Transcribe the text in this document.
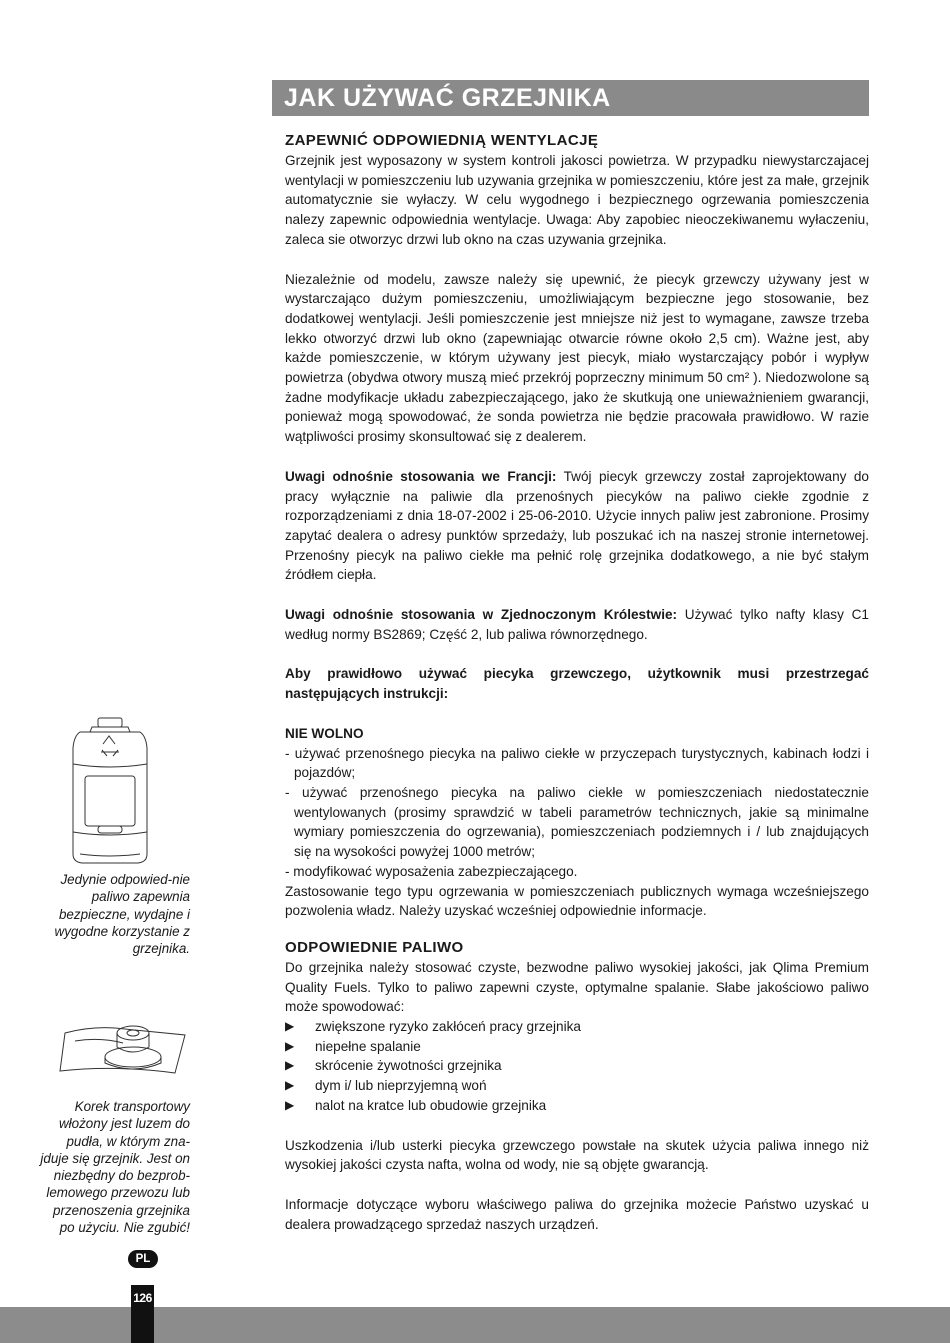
JAK UŻYWAĆ GRZEJNIKA

ZAPEWNIĆ ODPOWIEDNIĄ WENTYLACJĘ

Grzejnik jest wyposazony w system kontroli jakosci powietrza. W przypadku niewystarczajacej wentylacji w pomieszczeniu lub uzywania grzejnika w pomieszczeniu, które jest za małe, grzejnik automatycznie sie wyłaczy. W celu wygodnego i bezpiecznego ogrzewania pomieszczenia nalezy zapewnic odpowiednia wentylacje. Uwaga: Aby zapobiec nieoczekiwanemu wyłaczeniu, zaleca sie otworzyc drzwi lub okno na czas uzywania grzejnika.

Niezależnie od modelu, zawsze należy się upewnić, że piecyk grzewczy używany jest w wystarczająco dużym pomieszczeniu, umożliwiającym bezpieczne jego stosowanie, bez dodatkowej wentylacji. Jeśli pomieszczenie jest mniejsze niż jest to wymagane, zawsze trzeba lekko otworzyć drzwi lub okno (zapewniając otwarcie równe około 2,5 cm). Ważne jest, aby każde pomieszczenie, w którym używany jest piecyk, miało wystarczający pobór i wypływ powietrza (obydwa otwory muszą mieć przekrój poprzeczny minimum 50 cm² ). Niedozwolone są żadne modyfikacje układu zabezpieczającego, jako że skutkują one unieważnieniem gwarancji, ponieważ mogą spowodować, że sonda powietrza nie będzie pracowała prawidłowo. W razie wątpliwości prosimy skonsultować się z dealerem.

Uwagi odnośnie stosowania we Francji: Twój piecyk grzewczy został zaprojektowany do pracy wyłącznie na paliwie dla przenośnych piecyków na paliwo ciekłe zgodnie z rozporządzeniami z dnia 18-07-2002 i 25-06-2010. Użycie innych paliw jest zabronione. Prosimy zapytać dealera o adresy punktów sprzedaży, lub poszukać ich na naszej stronie internetowej. Przenośny piecyk na paliwo ciekłe ma pełnić rolę grzejnika dodatkowego, a nie być stałym źródłem ciepła.

Uwagi odnośnie stosowania w Zjednoczonym Królestwie: Używać tylko nafty klasy C1 według normy BS2869; Część 2, lub paliwa równorzędnego.

Aby prawidłowo używać piecyka grzewczego, użytkownik musi przestrzegać następujących instrukcji:

NIE WOLNO

- używać przenośnego piecyka na paliwo ciekłe w przyczepach turystycznych, kabinach łodzi i pojazdów;

- używać przenośnego piecyka na paliwo ciekłe w pomieszczeniach niedostatecznie wentylowanych (prosimy sprawdzić w tabeli parametrów technicznych, jakie są minimalne wymiary pomieszczenia do ogrzewania), pomieszczeniach podziemnych i / lub znajdujących się na wysokości powyżej 1000 metrów;

- modyfikować wyposażenia zabezpieczającego.

Zastosowanie tego typu ogrzewania w pomieszczeniach publicznych wymaga wcześniejszego pozwolenia władz. Należy uzyskać wcześniej odpowiednie informacje.

ODPOWIEDNIE PALIWO

Do grzejnika należy stosować czyste, bezwodne paliwo wysokiej jakości, jak Qlima Premium Quality Fuels. Tylko to paliwo zapewni czyste, optymalne spalanie. Słabe jakościowo paliwo może spowodować:

▶	zwiększone ryzyko zakłóceń pracy grzejnika
▶	niepełne spalanie
▶	skrócenie żywotności grzejnika
▶	dym i/ lub nieprzyjemną woń
▶	nalot na kratce lub obudowie grzejnika

Uszkodzenia i/lub usterki piecyka grzewczego powstałe na skutek użycia paliwa innego niż wysokiej jakości czysta nafta, wolna od wody, nie są objęte gwarancją.

Informacje dotyczące wyboru właściwego paliwa do grzejnika możecie Państwo uzyskać u dealera prowadzącego sprzedaż naszych urządzeń.

Jedynie odpowied-nie paliwo zapewnia bezpieczne, wydajne i wygodne korzystanie z grzejnika.
Korek transportowy włożony jest luzem do pudła, w którym zna-jduje się grzejnik. Jest on niezbędny do bezprob-lemowego przewozu lub przenoszenia grzejnika po użyciu. Nie zgubić!
PL
126
